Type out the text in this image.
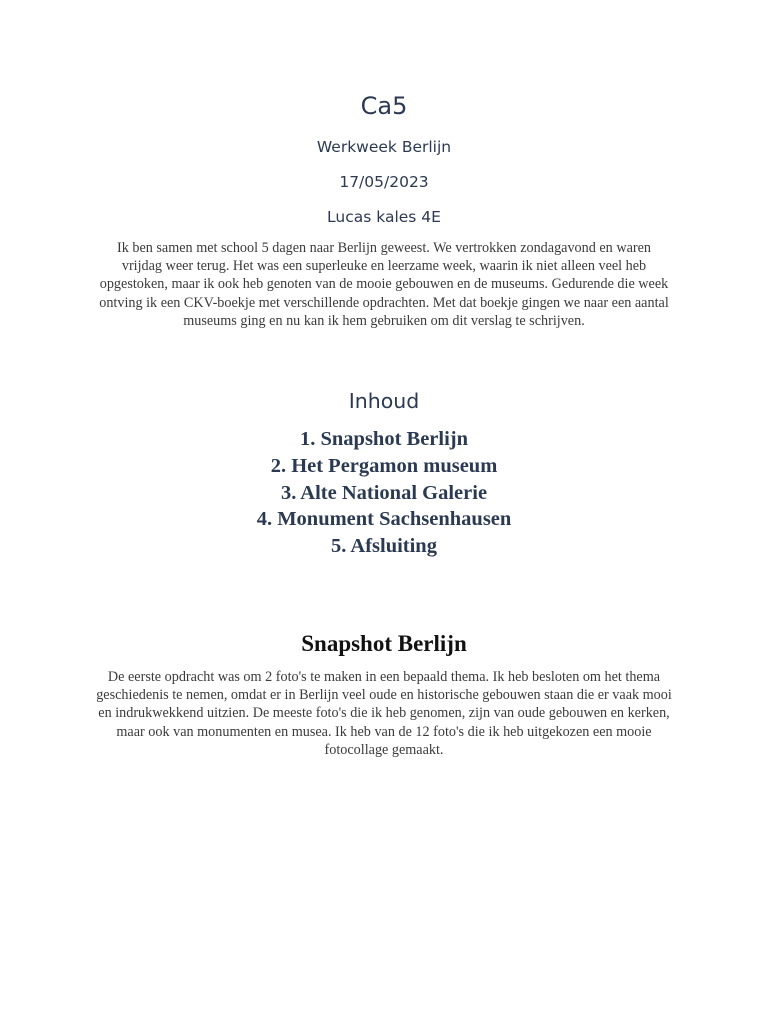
Ca5
Werkweek Berlijn
17/05/2023
Lucas kales 4E

Ik ben samen met school 5 dagen naar Berlijn geweest. We vertrokken zondagavond en waren vrijdag weer terug. Het was een superleuke en leerzame week, waarin ik niet alleen veel heb opgestoken, maar ik ook heb genoten van de mooie gebouwen en de museums. Gedurende die week ontving ik een CKV-boekje met verschillende opdrachten. Met dat boekje gingen we naar een aantal museums ging en nu kan ik hem gebruiken om dit verslag te schrijven.

Inhoud
1. Snapshot Berlijn
2. Het Pergamon museum
3. Alte National Galerie
4. Monument Sachsenhausen
5. Afsluiting
Snapshot Berlijn

De eerste opdracht was om 2 foto's te maken in een bepaald thema. Ik heb besloten om het thema geschiedenis te nemen, omdat er in Berlijn veel oude en historische gebouwen staan die er vaak mooi en indrukwekkend uitzien. De meeste foto's die ik heb genomen, zijn van oude gebouwen en kerken, maar ook van monumenten en musea. Ik heb van de 12 foto's die ik heb uitgekozen een mooie fotocollage gemaakt.
